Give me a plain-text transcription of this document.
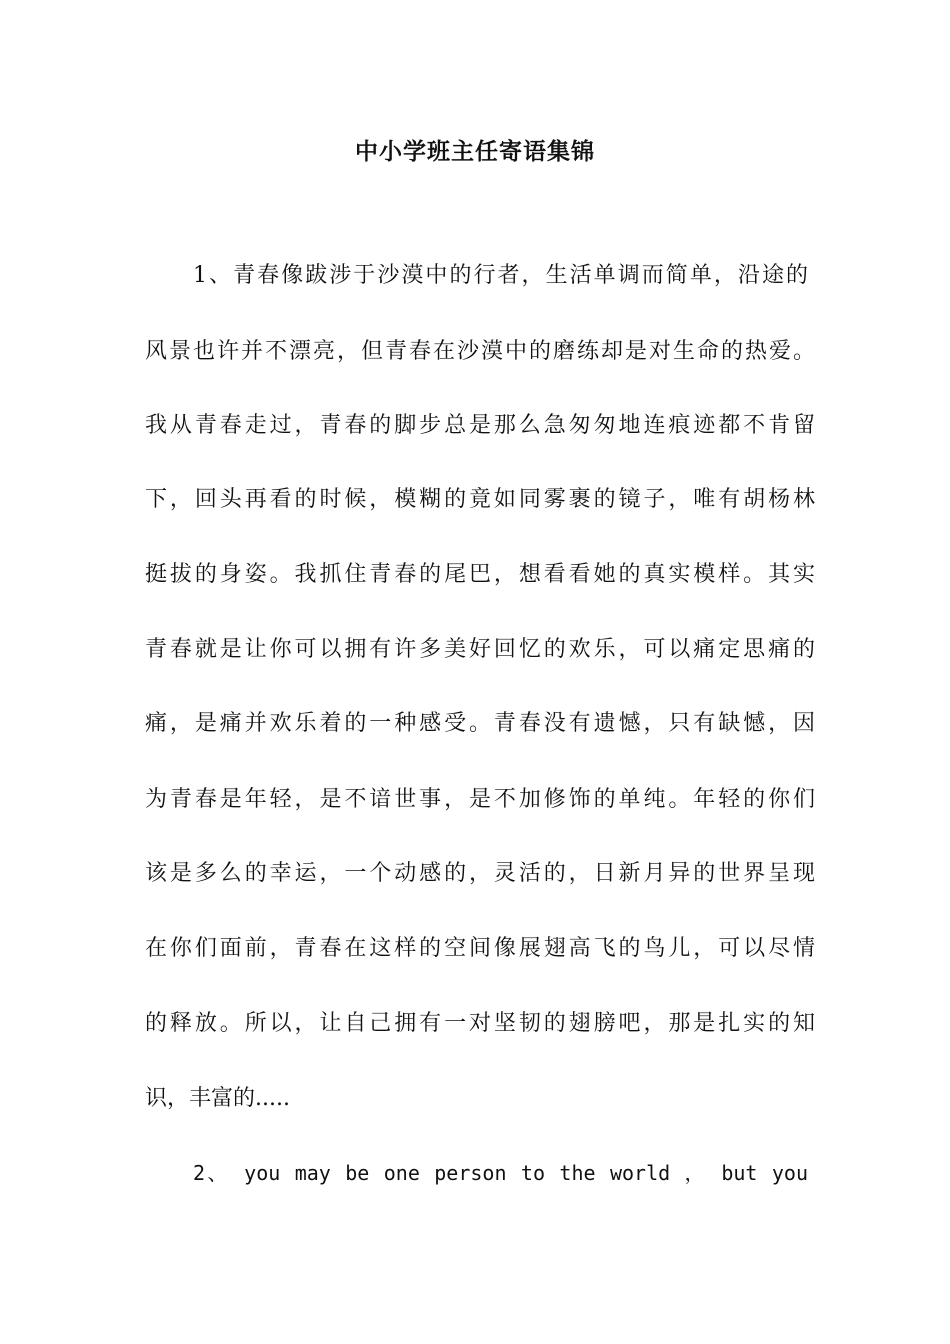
中小学班主任寄语集锦
1、青春像跋涉于沙漠中的行者，生活单调而简单，沿途的
风景也许并不漂亮，但青春在沙漠中的磨练却是对生命的热爱。
我从青春走过，青春的脚步总是那么急匆匆地连痕迹都不肯留
下，回头再看的时候，模糊的竟如同雾裹的镜子，唯有胡杨林
挺拔的身姿。我抓住青春的尾巴，想看看她的真实模样。其实
青春就是让你可以拥有许多美好回忆的欢乐，可以痛定思痛的
痛，是痛并欢乐着的一种感受。青春没有遗憾，只有缺憾，因
为青春是年轻，是不谙世事，是不加修饰的单纯。年轻的你们
该是多么的幸运，一个动感的，灵活的，日新月异的世界呈现
在你们面前，青春在这样的空间像展翅高飞的鸟儿，可以尽情
的释放。所以，让自己拥有一对坚韧的翅膀吧，那是扎实的知
识，丰富的.....
2、 you may be one person to the world ， but you
